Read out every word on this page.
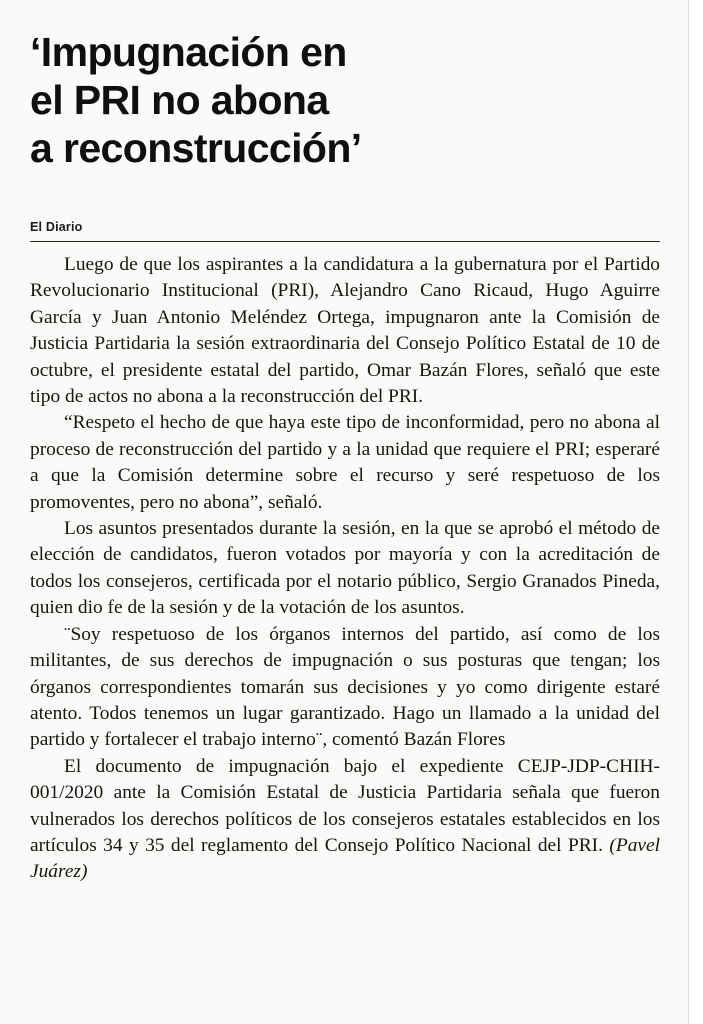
‘Impugnación en
el PRI no abona
a reconstrucción’
El Diario

Luego de que los aspirantes a la candidatura a la gubernatura por el Partido Revolucionario Institucional (PRI), Alejandro Cano Ricaud, Hugo Aguirre García y Juan Antonio Meléndez Ortega, impugnaron ante la Comisión de Justicia Partidaria la sesión extraordinaria del Consejo Político Estatal de 10 de octubre, el presidente estatal del partido, Omar Bazán Flores, señaló que este tipo de actos no abona a la reconstrucción del PRI.

“Respeto el hecho de que haya este tipo de inconformidad, pero no abona al proceso de reconstrucción del partido y a la unidad que requiere el PRI; esperaré a que la Comisión determine sobre el recurso y seré respetuoso de los promoventes, pero no abona”, señaló.

Los asuntos presentados durante la sesión, en la que se aprobó el método de elección de candidatos, fueron votados por mayoría y con la acreditación de todos los consejeros, certificada por el notario público, Sergio Granados Pineda, quien dio fe de la sesión y de la votación de los asuntos.

¨Soy respetuoso de los órganos internos del partido, así como de los militantes, de sus derechos de impugnación o sus posturas que tengan; los órganos correspondientes tomarán sus decisiones y yo como dirigente estaré atento. Todos tenemos un lugar garantizado. Hago un llamado a la unidad del partido y fortalecer el trabajo interno¨, comentó Bazán Flores

El documento de impugnación bajo el expediente CEJP-JDP-CHIH-001/2020 ante la Comisión Estatal de Justicia Partidaria señala que fueron vulnerados los derechos políticos de los consejeros estatales establecidos en los artículos 34 y 35 del reglamento del Consejo Político Nacional del PRI. (Pavel Juárez)
